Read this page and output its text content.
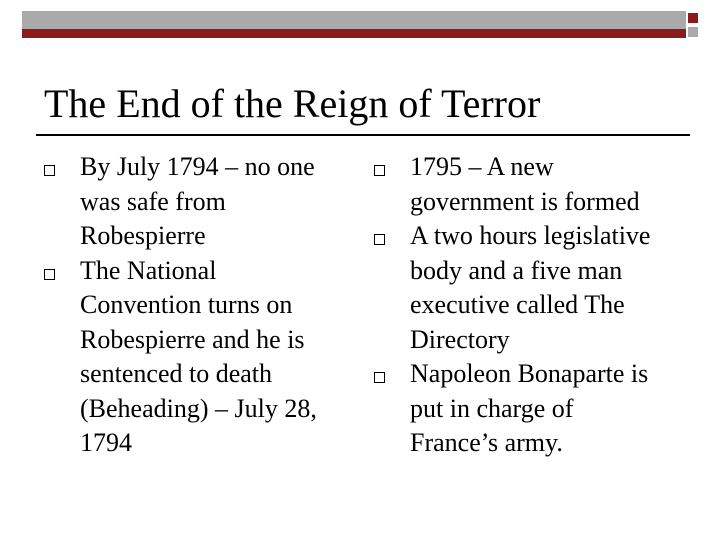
The End of the Reign of Terror
By July 1794 – no one
was safe from
Robespierre
The National
Convention turns on
Robespierre and he is
sentenced to death
(Beheading) – July 28,
1794
1795 – A new
government is formed
A two hours legislative
body and a five man
executive called The
Directory
Napoleon Bonaparte is
put in charge of
France’s army.
